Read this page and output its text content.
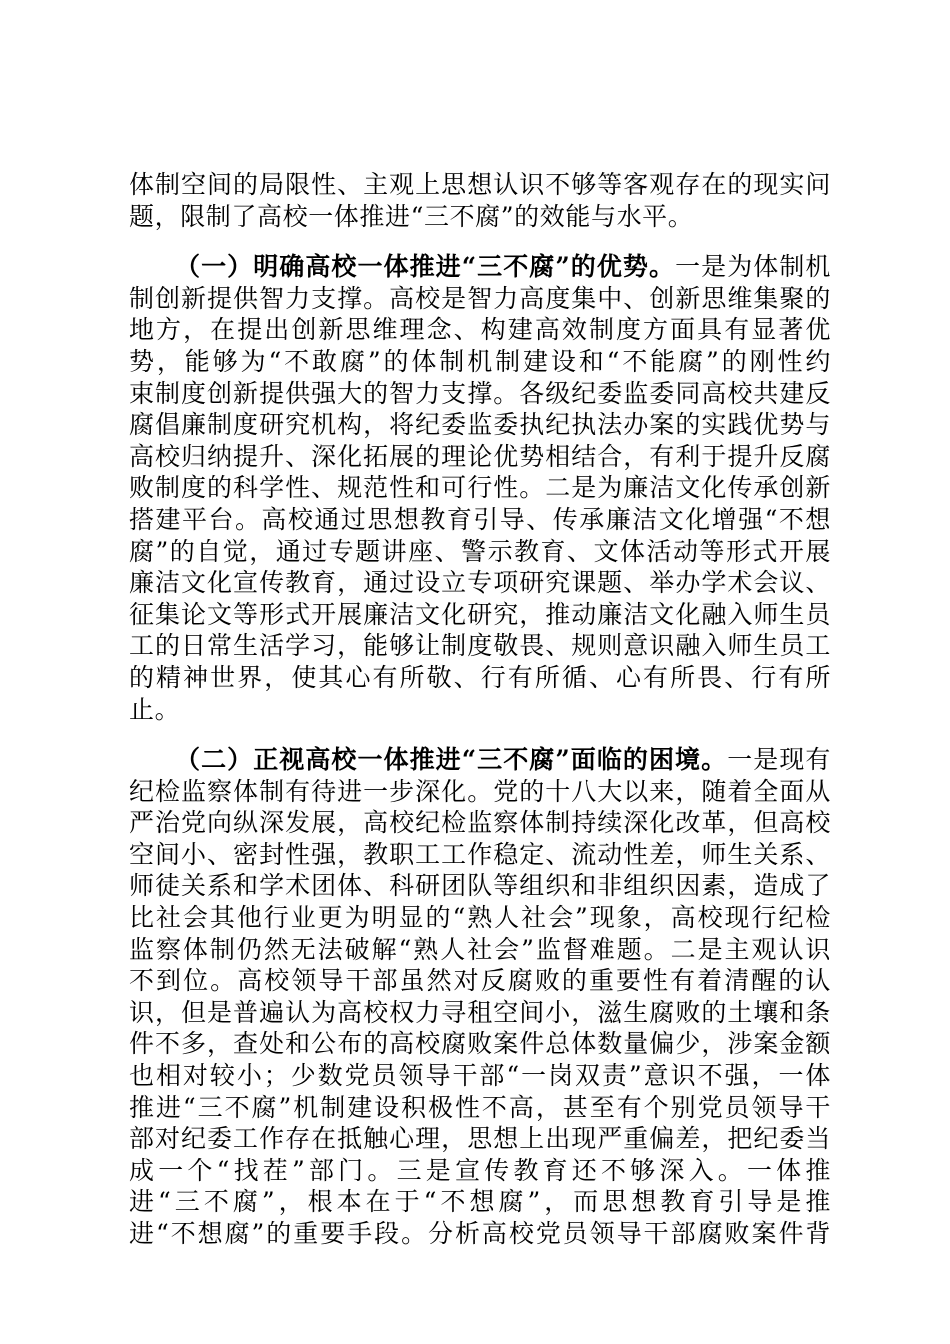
体制空间的局限性、主观上思想认识不够等客观存在的现实问
题，限制了高校一体推进“三不腐”的效能与水平。
（一）明确高校一体推进“三不腐”的优势。一是为体制机
制创新提供智力支撑。高校是智力高度集中、创新思维集聚的
地方，在提出创新思维理念、构建高效制度方面具有显著优
势，能够为“不敢腐”的体制机制建设和“不能腐”的刚性约
束制度创新提供强大的智力支撑。各级纪委监委同高校共建反
腐倡廉制度研究机构，将纪委监委执纪执法办案的实践优势与
高校归纳提升、深化拓展的理论优势相结合，有利于提升反腐
败制度的科学性、规范性和可行性。二是为廉洁文化传承创新
搭建平台。高校通过思想教育引导、传承廉洁文化增强“不想
腐”的自觉，通过专题讲座、警示教育、文体活动等形式开展
廉洁文化宣传教育，通过设立专项研究课题、举办学术会议、
征集论文等形式开展廉洁文化研究，推动廉洁文化融入师生员
工的日常生活学习，能够让制度敬畏、规则意识融入师生员工
的精神世界，使其心有所敬、行有所循、心有所畏、行有所
止。
（二）正视高校一体推进“三不腐”面临的困境。一是现有
纪检监察体制有待进一步深化。党的十八大以来，随着全面从
严治党向纵深发展，高校纪检监察体制持续深化改革，但高校
空间小、密封性强，教职工工作稳定、流动性差，师生关系、
师徒关系和学术团体、科研团队等组织和非组织因素，造成了
比社会其他行业更为明显的“熟人社会”现象，高校现行纪检
监察体制仍然无法破解“熟人社会”监督难题。二是主观认识
不到位。高校领导干部虽然对反腐败的重要性有着清醒的认
识，但是普遍认为高校权力寻租空间小，滋生腐败的土壤和条
件不多，查处和公布的高校腐败案件总体数量偏少，涉案金额
也相对较小；少数党员领导干部“一岗双责”意识不强，一体
推进“三不腐”机制建设积极性不高，甚至有个别党员领导干
部对纪委工作存在抵触心理，思想上出现严重偏差，把纪委当
成一个“找茬”部门。三是宣传教育还不够深入。一体推
进“三不腐”，根本在于“不想腐”，而思想教育引导是推
进“不想腐”的重要手段。分析高校党员领导干部腐败案件背
